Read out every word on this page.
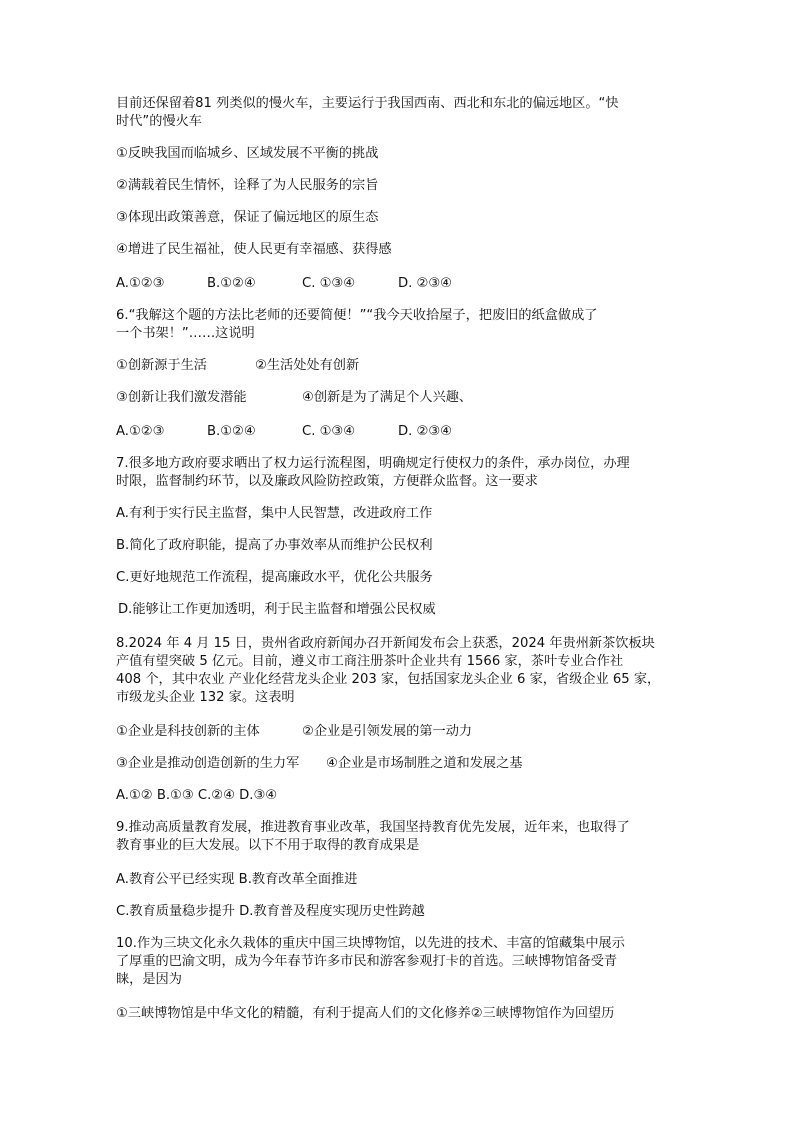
目前还保留着81 列类似的慢火车，主要运行于我国西南、西北和东北的偏远地区。“快
时代”的慢火车
①反映我国而临城乡、区域发展不平衡的挑战
②满载着民生情怀，诠释了为人民服务的宗旨
③体现出政策善意，保证了偏远地区的原生态
④增进了民生福祉，使人民更有幸福感、获得感
A.①②③	B.①②④	C. ①③④	D. ②③④
6.“我解这个题的方法比老师的还要简便！”“我今天收拾屋子，把废旧的纸盒做成了
一个书架！”……这说明
①创新源于生活	②生活处处有创新
③创新让我们激发潜能	④创新是为了满足个人兴趣、
A.①②③	B.①②④	C. ①③④	D. ②③④
7.很多地方政府要求晒出了权力运行流程图，明确规定行使权力的条件，承办岗位，办理
时限，监督制约环节，以及廉政风险防控政策，方便群众监督。这一要求
A.有利于实行民主监督，集中人民智慧，改进政府工作
B.简化了政府职能，提高了办事效率从而维护公民权利
C.更好地规范工作流程，提高廉政水平，优化公共服务
D.能够让工作更加透明，利于民主监督和增强公民权威
8.2024 年 4 月 15 日，贵州省政府新闻办召开新闻发布会上获悉，2024 年贵州新茶饮板块
产值有望突破 5 亿元。目前，遵义市工商注册茶叶企业共有 1566 家，茶叶专业合作社
408 个，其中农业 产业化经营龙头企业 203 家，包括国家龙头企业 6 家，省级企业 65 家，
市级龙头企业 132 家。这表明
①企业是科技创新的主体	②企业是引领发展的第一动力
③企业是推动创造创新的生力军 ④企业是市场制胜之道和发展之基
A.①② B.①③ C.②④ D.③④
9.推动高质量教育发展，推进教育事业改革，我国坚持教育优先发展，近年来，也取得了
教育事业的巨大发展。以下不用于取得的教育成果是
A.教育公平已经实现 B.教育改革全面推进
C.教育质量稳步提升 D.教育普及程度实现历史性跨越
10.作为三块文化永久栽体的重庆中国三块博物馆，以先进的技术、丰富的馆藏集中展示
了厚重的巴渝文明，成为今年春节许多市民和游客参观打卡的首选。三峡博物馆备受青
睐，是因为
①三峡博物馆是中华文化的精髓，有利于提高人们的文化修养②三峡博物馆作为回望历
